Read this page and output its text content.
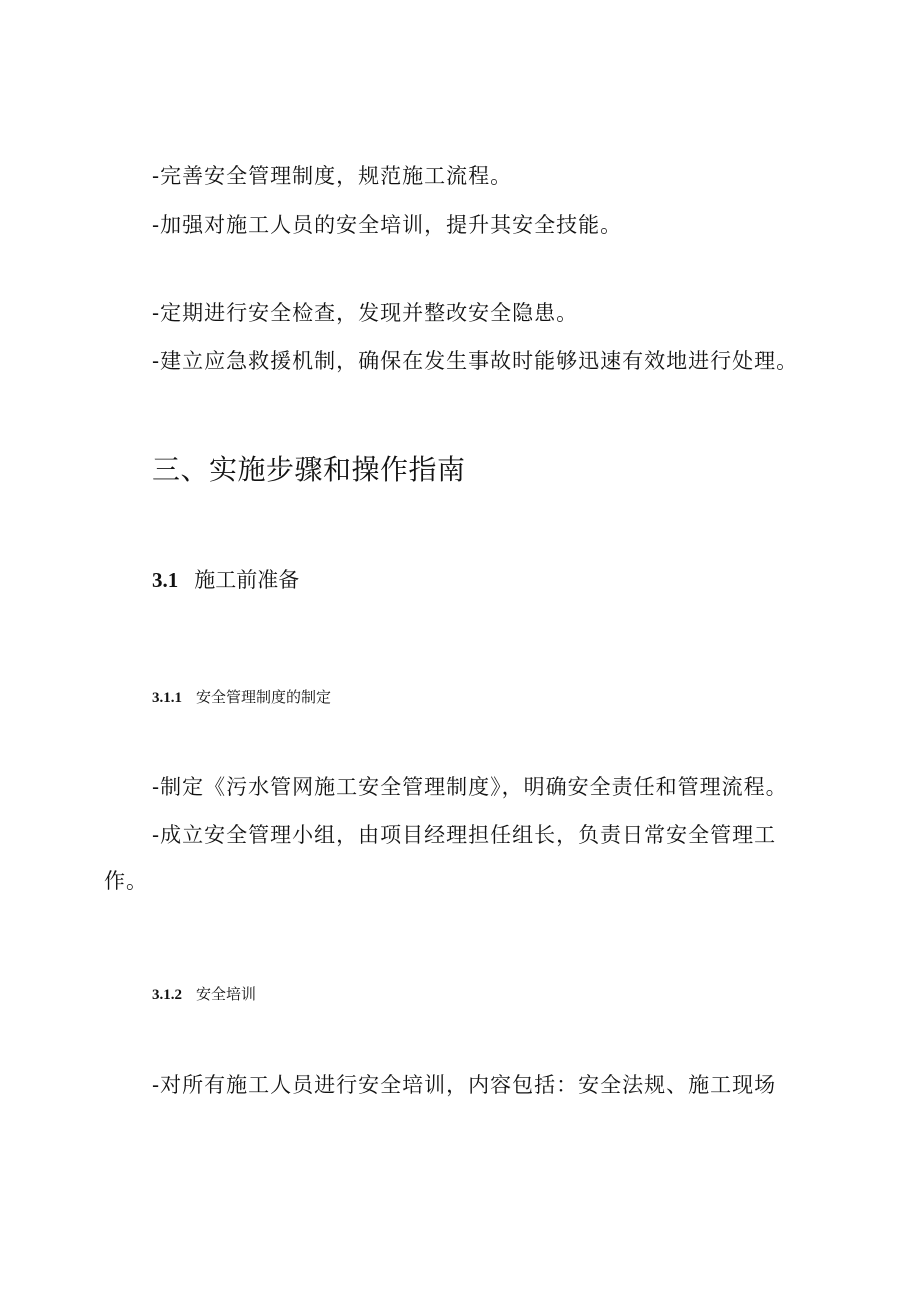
-完善安全管理制度，规范施工流程。
-加强对施工人员的安全培训，提升其安全技能。
-定期进行安全检查，发现并整改安全隐患。
-建立应急救援机制，确保在发生事故时能够迅速有效地进行处理。
三、实施步骤和操作指南
3.1 施工前准备
3.1.1 安全管理制度的制定
-制定《污水管网施工安全管理制度》，明确安全责任和管理流程。
-成立安全管理小组，由项目经理担任组长，负责日常安全管理工
作。
3.1.2 安全培训
-对所有施工人员进行安全培训，内容包括：安全法规、施工现场
